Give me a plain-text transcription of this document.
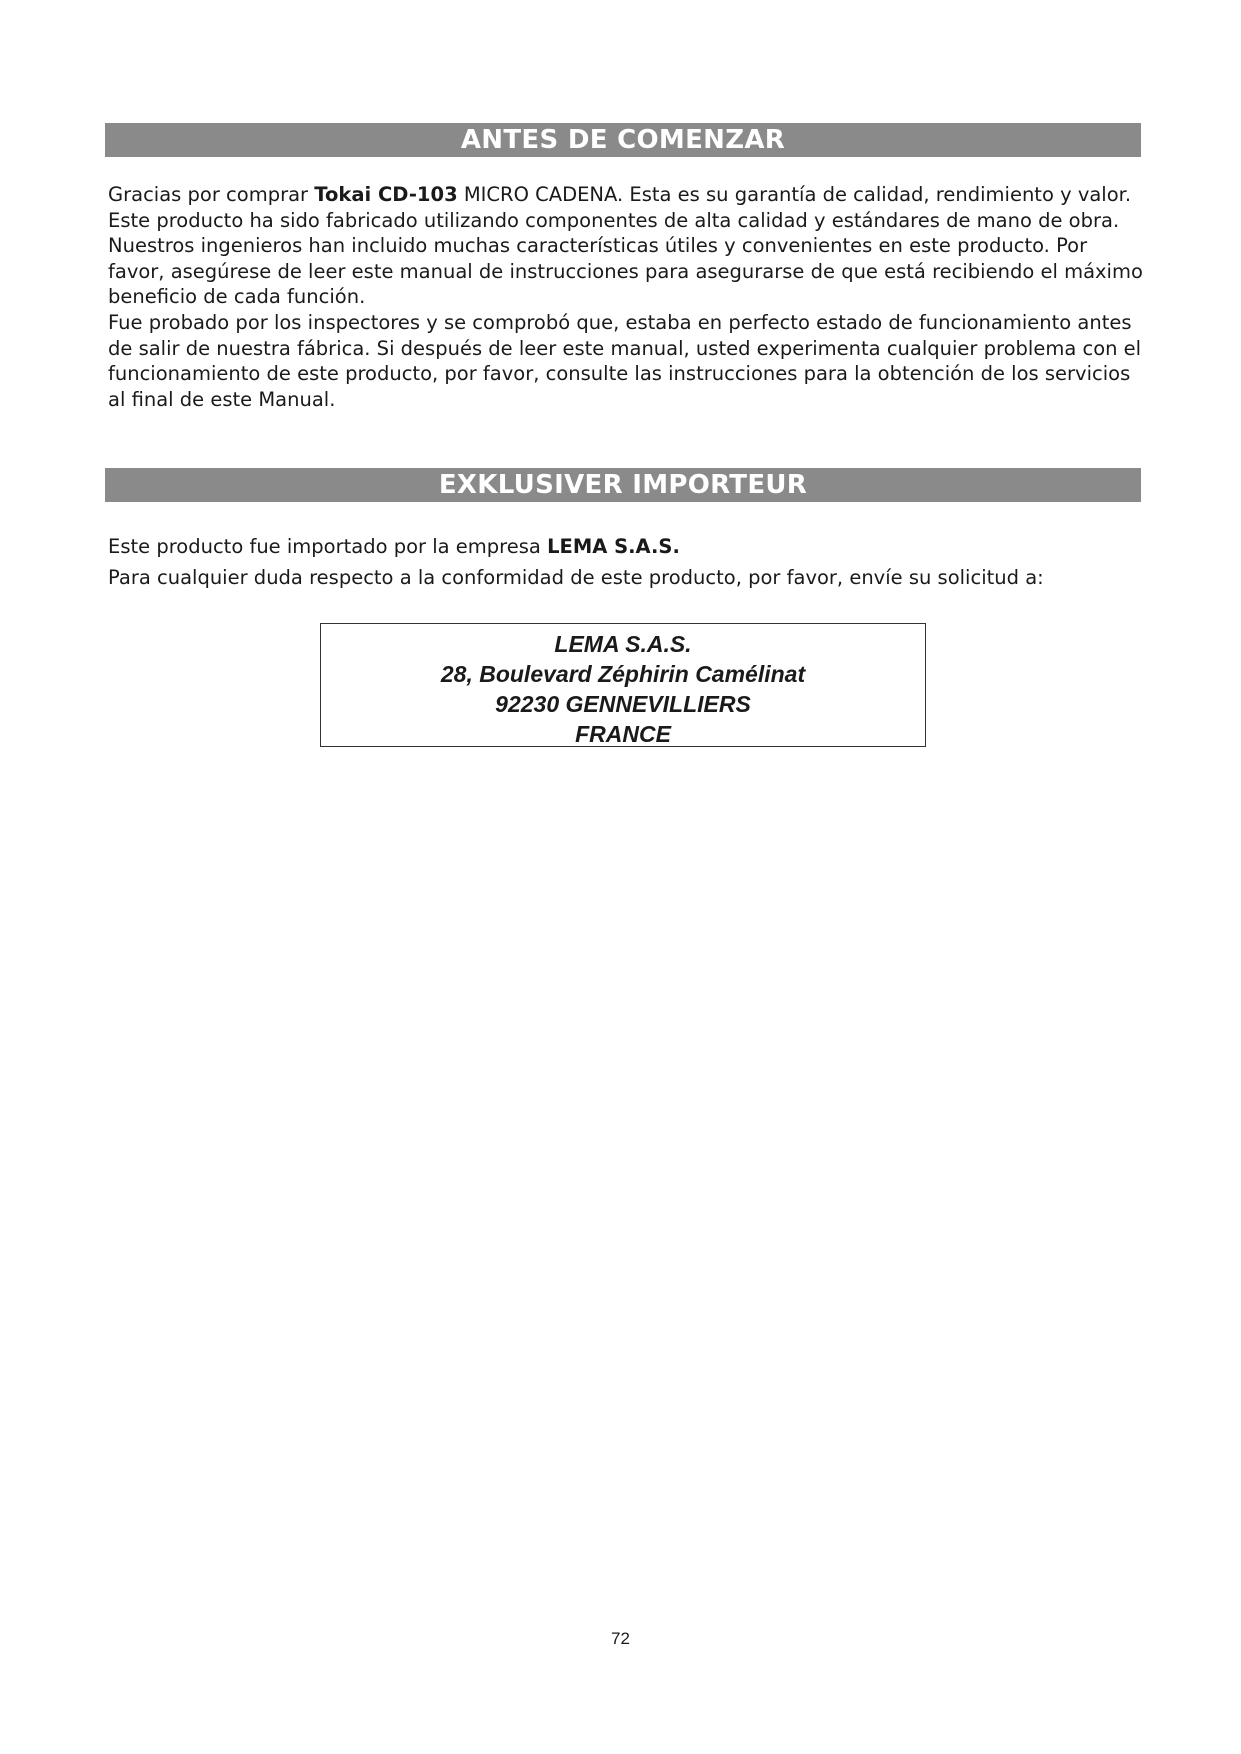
ANTES DE COMENZAR

Gracias por comprar Tokai CD-103 MICRO CADENA. Esta es su garantía de calidad, rendimiento y valor. Este producto ha sido fabricado utilizando componentes de alta calidad y estándares de mano de obra. Nuestros ingenieros han incluido muchas características útiles y convenientes en este producto. Por favor, asegúrese de leer este manual de instrucciones para asegurarse de que está recibiendo el máximo beneficio de cada función.

Fue probado por los inspectores y se comprobó que, estaba en perfecto estado de funcionamiento antes de salir de nuestra fábrica. Si después de leer este manual, usted experimenta cualquier problema con el funcionamiento de este producto, por favor, consulte las instrucciones para la obtención de los servicios al final de este Manual.

EXKLUSIVER IMPORTEUR

Este producto fue importado por la empresa LEMA S.A.S.

Para cualquier duda respecto a la conformidad de este producto, por favor, envíe su solicitud a:

LEMA S.A.S.
28, Boulevard Zéphirin Camélinat
92230 GENNEVILLIERS
FRANCE
72
